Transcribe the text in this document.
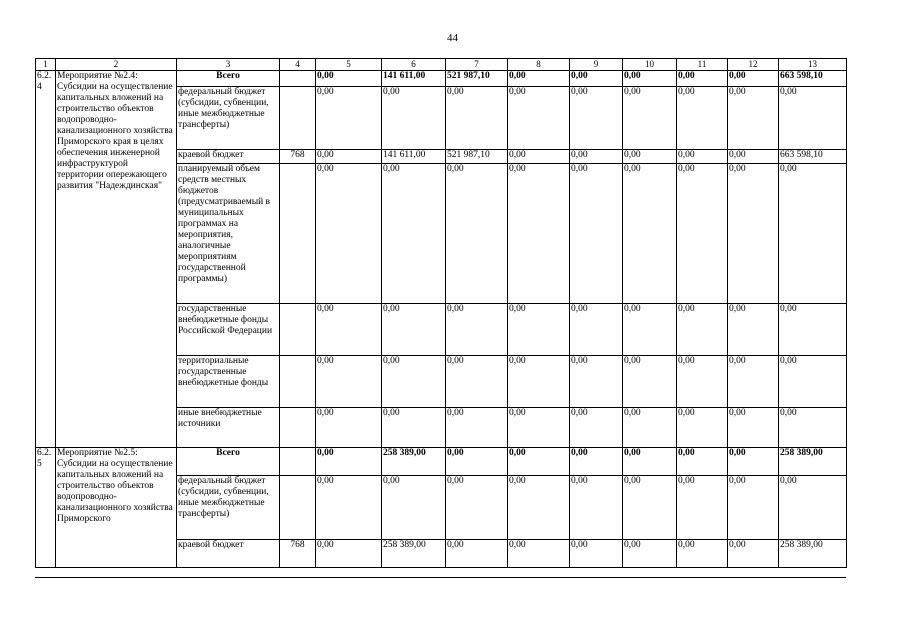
44
1	2	3	4	5	6	7	8	9	10	11	12	13
6.2.4	Мероприятие №2.4: Субсидии на осуществление капитальных вложений на строительство объектов водопроводно-канализационного хозяйства Приморского края в целях обеспечения инженерной инфраструктурой территории опережающего развития "Надеждинская"	Всего		0,00	141 611,00	521 987,10	0,00	0,00	0,00	0,00	0,00	663 598,10
		федеральный бюджет (субсидии, субвенции, иные межбюджетные трансферты)		0,00	0,00	0,00	0,00	0,00	0,00	0,00	0,00	0,00
		краевой бюджет	768	0,00	141 611,00	521 987,10	0,00	0,00	0,00	0,00	0,00	663 598,10
		планируемый объем средств местных бюджетов (предусматриваемый в муниципальных программах на мероприятия, аналогичные мероприятиям государственной программы)		0,00	0,00	0,00	0,00	0,00	0,00	0,00	0,00	0,00
		государственные внебюджетные фонды Российской Федерации		0,00	0,00	0,00	0,00	0,00	0,00	0,00	0,00	0,00
		территориальные государственные внебюджетные фонды		0,00	0,00	0,00	0,00	0,00	0,00	0,00	0,00	0,00
		иные внебюджетные источники		0,00	0,00	0,00	0,00	0,00	0,00	0,00	0,00	0,00
6.2.5	Мероприятие №2.5: Субсидии на осуществление капитальных вложений на строительство объектов водопроводно-канализационного хозяйства Приморского	Всего		0,00	258 389,00	0,00	0,00	0,00	0,00	0,00	0,00	258 389,00
		федеральный бюджет (субсидии, субвенции, иные межбюджетные трансферты)		0,00	0,00	0,00	0,00	0,00	0,00	0,00	0,00	0,00
		краевой бюджет	768	0,00	258 389,00	0,00	0,00	0,00	0,00	0,00	0,00	258 389,00
